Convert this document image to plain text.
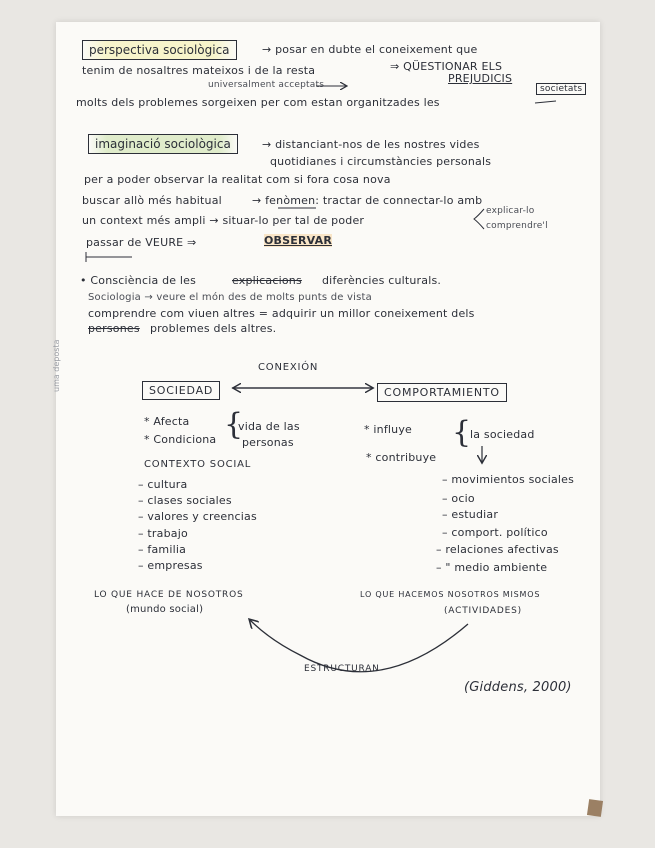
uma deposta
perspectiva sociològica	→ posar en dubte el coneixement que
tenim de nosaltres mateixos i de la resta	⇒ QÜESTIONAR ELS
universalment acceptats	PREJUDICIS
societats
molts dels problemes sorgeixen per com estan organitzades les
imaginació sociològica	→ distanciant-nos de les nostres vides
quotidianes i circumstàncies personals
per a poder observar la realitat com si fora cosa nova
buscar allò més habitual	→ fenòmen: tractar de connectar-lo amb
un context més ampli → situar-lo per tal de poder
explicar-lo
comprendre'l
passar de VEURE ⇒	OBSERVAR
• Consciència de les	explicacions diferències culturals.
Sociologia → veure el món des de molts punts de vista
comprendre com viuen altres = adquirir un millor coneixement dels
persones problemes dels altres.
CONEXIÓN
SOCIEDAD	COMPORTAMIENTO
* Afecta
* Condiciona {
vida de las
personas
* influye
* contribuye
{
la sociedad
CONTEXTO SOCIAL
– cultura
– clases sociales
– valores y creencias
– trabajo
– familia
– empresas
– movimientos sociales
– ocio
– estudiar
– comport. político
– relaciones afectivas
– " medio ambiente
LO QUE HACE DE NOSOTROS
(mundo social)
LO QUE HACEMOS NOSOTROS MISMOS
(ACTIVIDADES)
ESTRUCTURAN
(Giddens, 2000)
